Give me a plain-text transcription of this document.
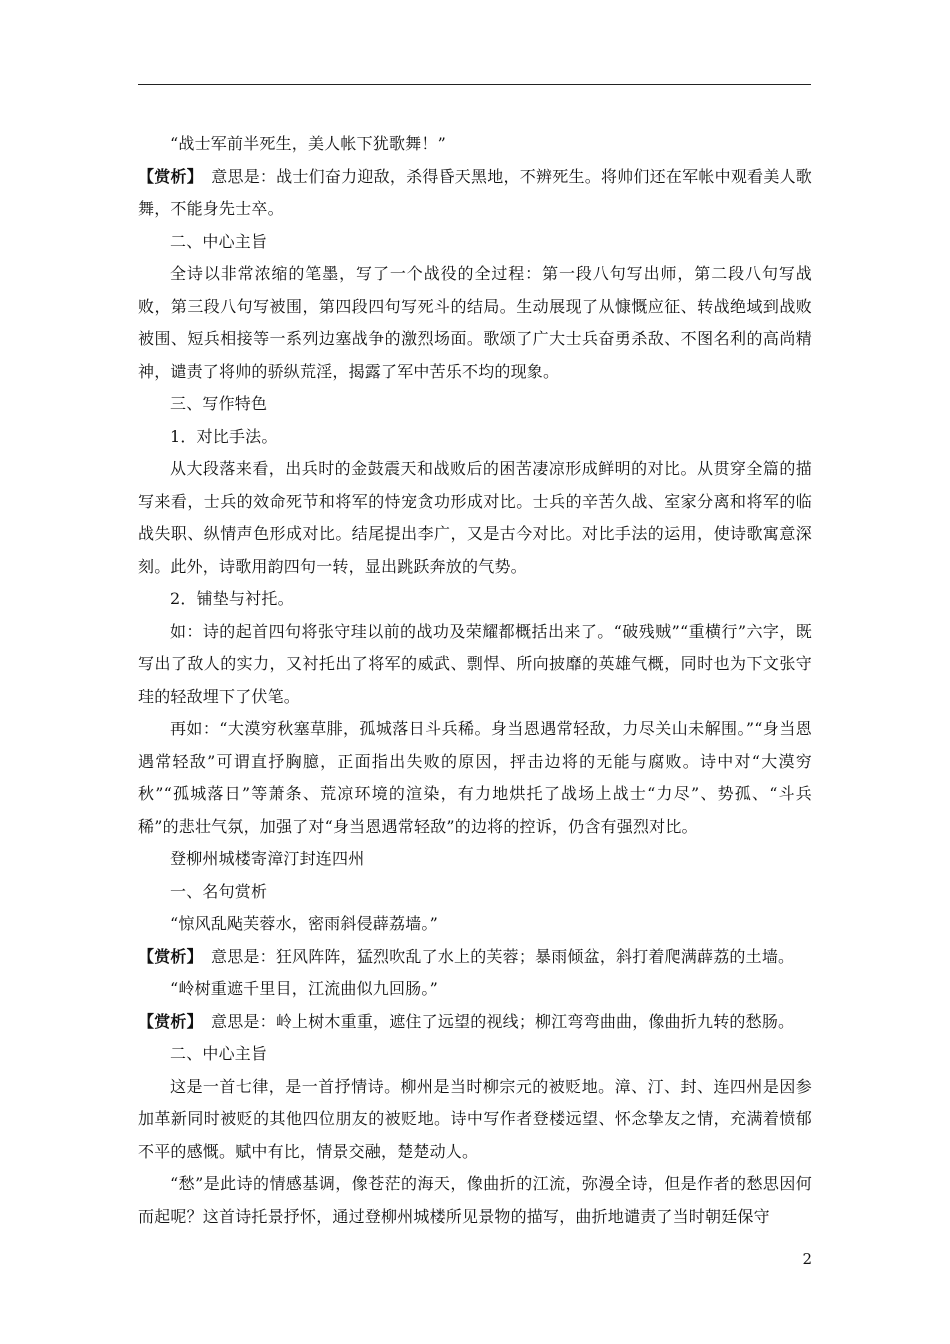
“战士军前半死生，美人帐下犹歌舞！”

【赏析】　 意思是：战士们奋力迎敌，杀得昏天黑地，不辨死生。将帅们还在军帐中观看美人歌舞，不能身先士卒。

二、中心主旨

全诗以非常浓缩的笔墨，写了一个战役的全过程：第一段八句写出师，第二段八句写战败，第三段八句写被围，第四段四句写死斗的结局。生动展现了从慷慨应征、转战绝域到战败被围、短兵相接等一系列边塞战争的激烈场面。歌颂了广大士兵奋勇杀敌、不图名利的高尚精神，谴责了将帅的骄纵荒淫，揭露了军中苦乐不均的现象。

三、写作特色

1．对比手法。

从大段落来看，出兵时的金鼓震天和战败后的困苦凄凉形成鲜明的对比。从贯穿全篇的描写来看，士兵的效命死节和将军的恃宠贪功形成对比。士兵的辛苦久战、室家分离和将军的临战失职、纵情声色形成对比。结尾提出李广，又是古今对比。对比手法的运用，使诗歌寓意深刻。此外，诗歌用韵四句一转，显出跳跃奔放的气势。

2．铺垫与衬托。

如：诗的起首四句将张守珪以前的战功及荣耀都概括出来了。“破残贼”“重横行”六字，既写出了敌人的实力，又衬托出了将军的威武、剽悍、所向披靡的英雄气概，同时也为下文张守珪的轻敌埋下了伏笔。

再如：“大漠穷秋塞草腓，孤城落日斗兵稀。身当恩遇常轻敌，力尽关山未解围。”“身当恩遇常轻敌”可谓直抒胸臆，正面指出失败的原因，抨击边将的无能与腐败。诗中对“大漠穷秋”“孤城落日”等萧条、荒凉环境的渲染，有力地烘托了战场上战士“力尽”、势孤、“斗兵稀”的悲壮气氛，加强了对“身当恩遇常轻敌”的边将的控诉，仍含有强烈对比。

登柳州城楼寄漳汀封连四州

一、名句赏析

“惊风乱飐芙蓉水，密雨斜侵薜荔墙。”

【赏析】　 意思是：狂风阵阵，猛烈吹乱了水上的芙蓉；暴雨倾盆，斜打着爬满薜荔的土墙。

“岭树重遮千里目，江流曲似九回肠。”

【赏析】　 意思是：岭上树木重重，遮住了远望的视线；柳江弯弯曲曲，像曲折九转的愁肠。

二、中心主旨

这是一首七律，是一首抒情诗。柳州是当时柳宗元的被贬地。漳、汀、封、连四州是因参加革新同时被贬的其他四位朋友的被贬地。诗中写作者登楼远望、怀念挚友之情，充满着愤郁不平的感慨。赋中有比，情景交融，楚楚动人。

“愁”是此诗的情感基调，像苍茫的海天，像曲折的江流，弥漫全诗，但是作者的愁思因何而起呢？这首诗托景抒怀，通过登柳州城楼所见景物的描写，曲折地谴责了当时朝廷保守

2
